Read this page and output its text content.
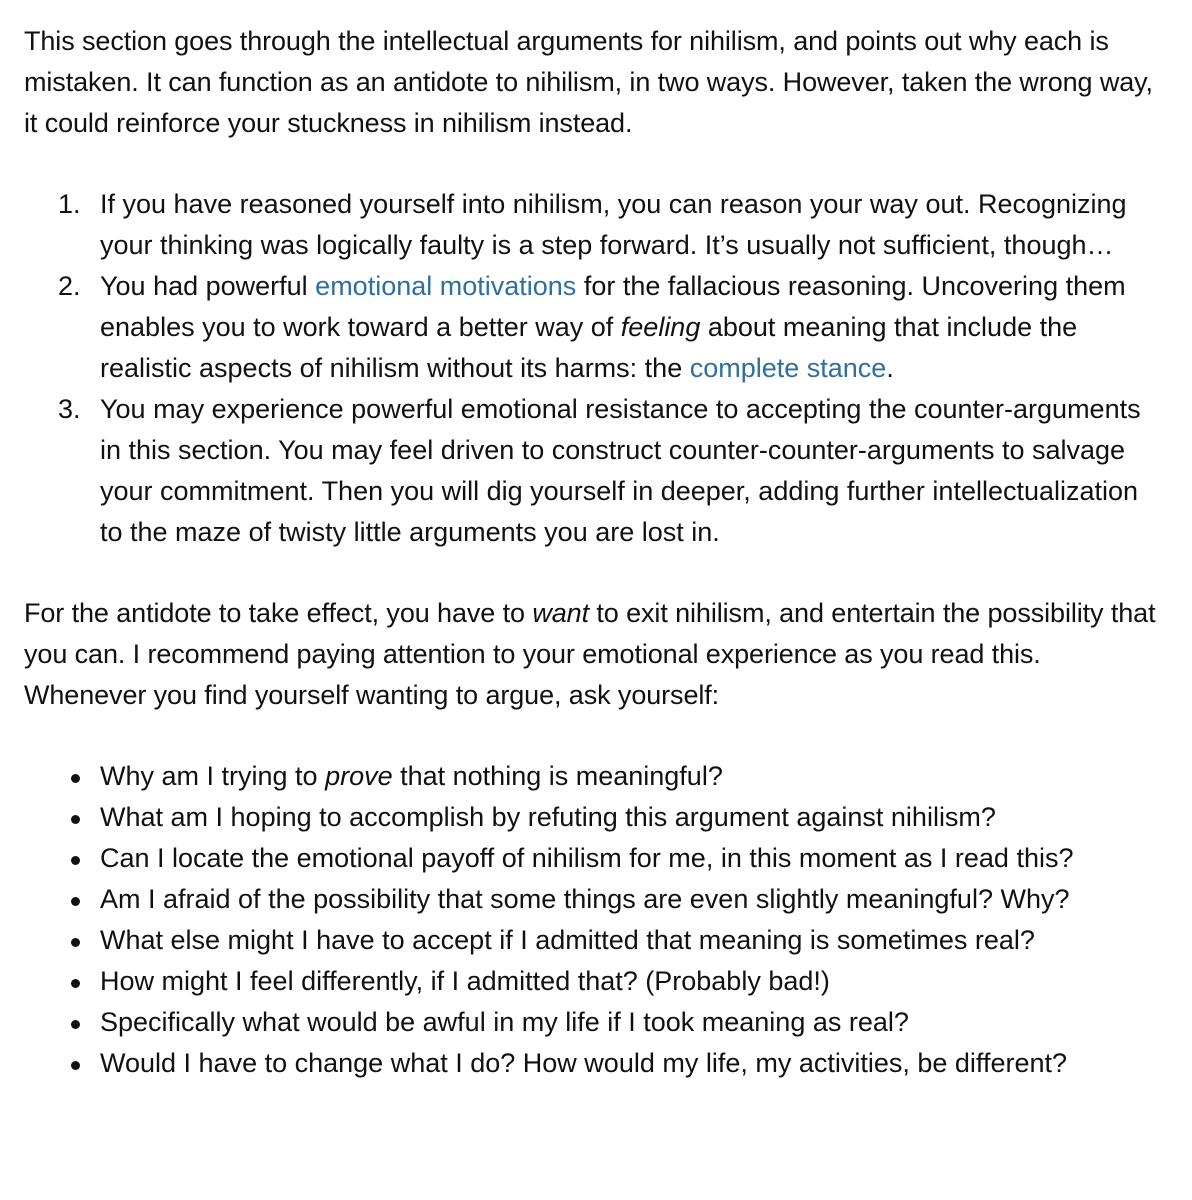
This section goes through the intellectual arguments for nihilism, and points out why each is mistaken. It can function as an antidote to nihilism, in two ways. However, taken the wrong way, it could reinforce your stuckness in nihilism instead.

1. If you have reasoned yourself into nihilism, you can reason your way out. Recognizing your thinking was logically faulty is a step forward. It’s usually not sufficient, though…
2. You had powerful emotional motivations for the fallacious reasoning. Uncovering them enables you to work toward a better way of feeling about meaning that include the realistic aspects of nihilism without its harms: the complete stance.
3. You may experience powerful emotional resistance to accepting the counter-arguments in this section. You may feel driven to construct counter-counter-arguments to salvage your commitment. Then you will dig yourself in deeper, adding further intellectualization to the maze of twisty little arguments you are lost in.

For the antidote to take effect, you have to want to exit nihilism, and entertain the possibility that you can. I recommend paying attention to your emotional experience as you read this. Whenever you find yourself wanting to argue, ask yourself:

Why am I trying to prove that nothing is meaningful?
What am I hoping to accomplish by refuting this argument against nihilism?
Can I locate the emotional payoff of nihilism for me, in this moment as I read this?
Am I afraid of the possibility that some things are even slightly meaningful? Why?
What else might I have to accept if I admitted that meaning is sometimes real?
How might I feel differently, if I admitted that? (Probably bad!)
Specifically what would be awful in my life if I took meaning as real?
Would I have to change what I do? How would my life, my activities, be different?
